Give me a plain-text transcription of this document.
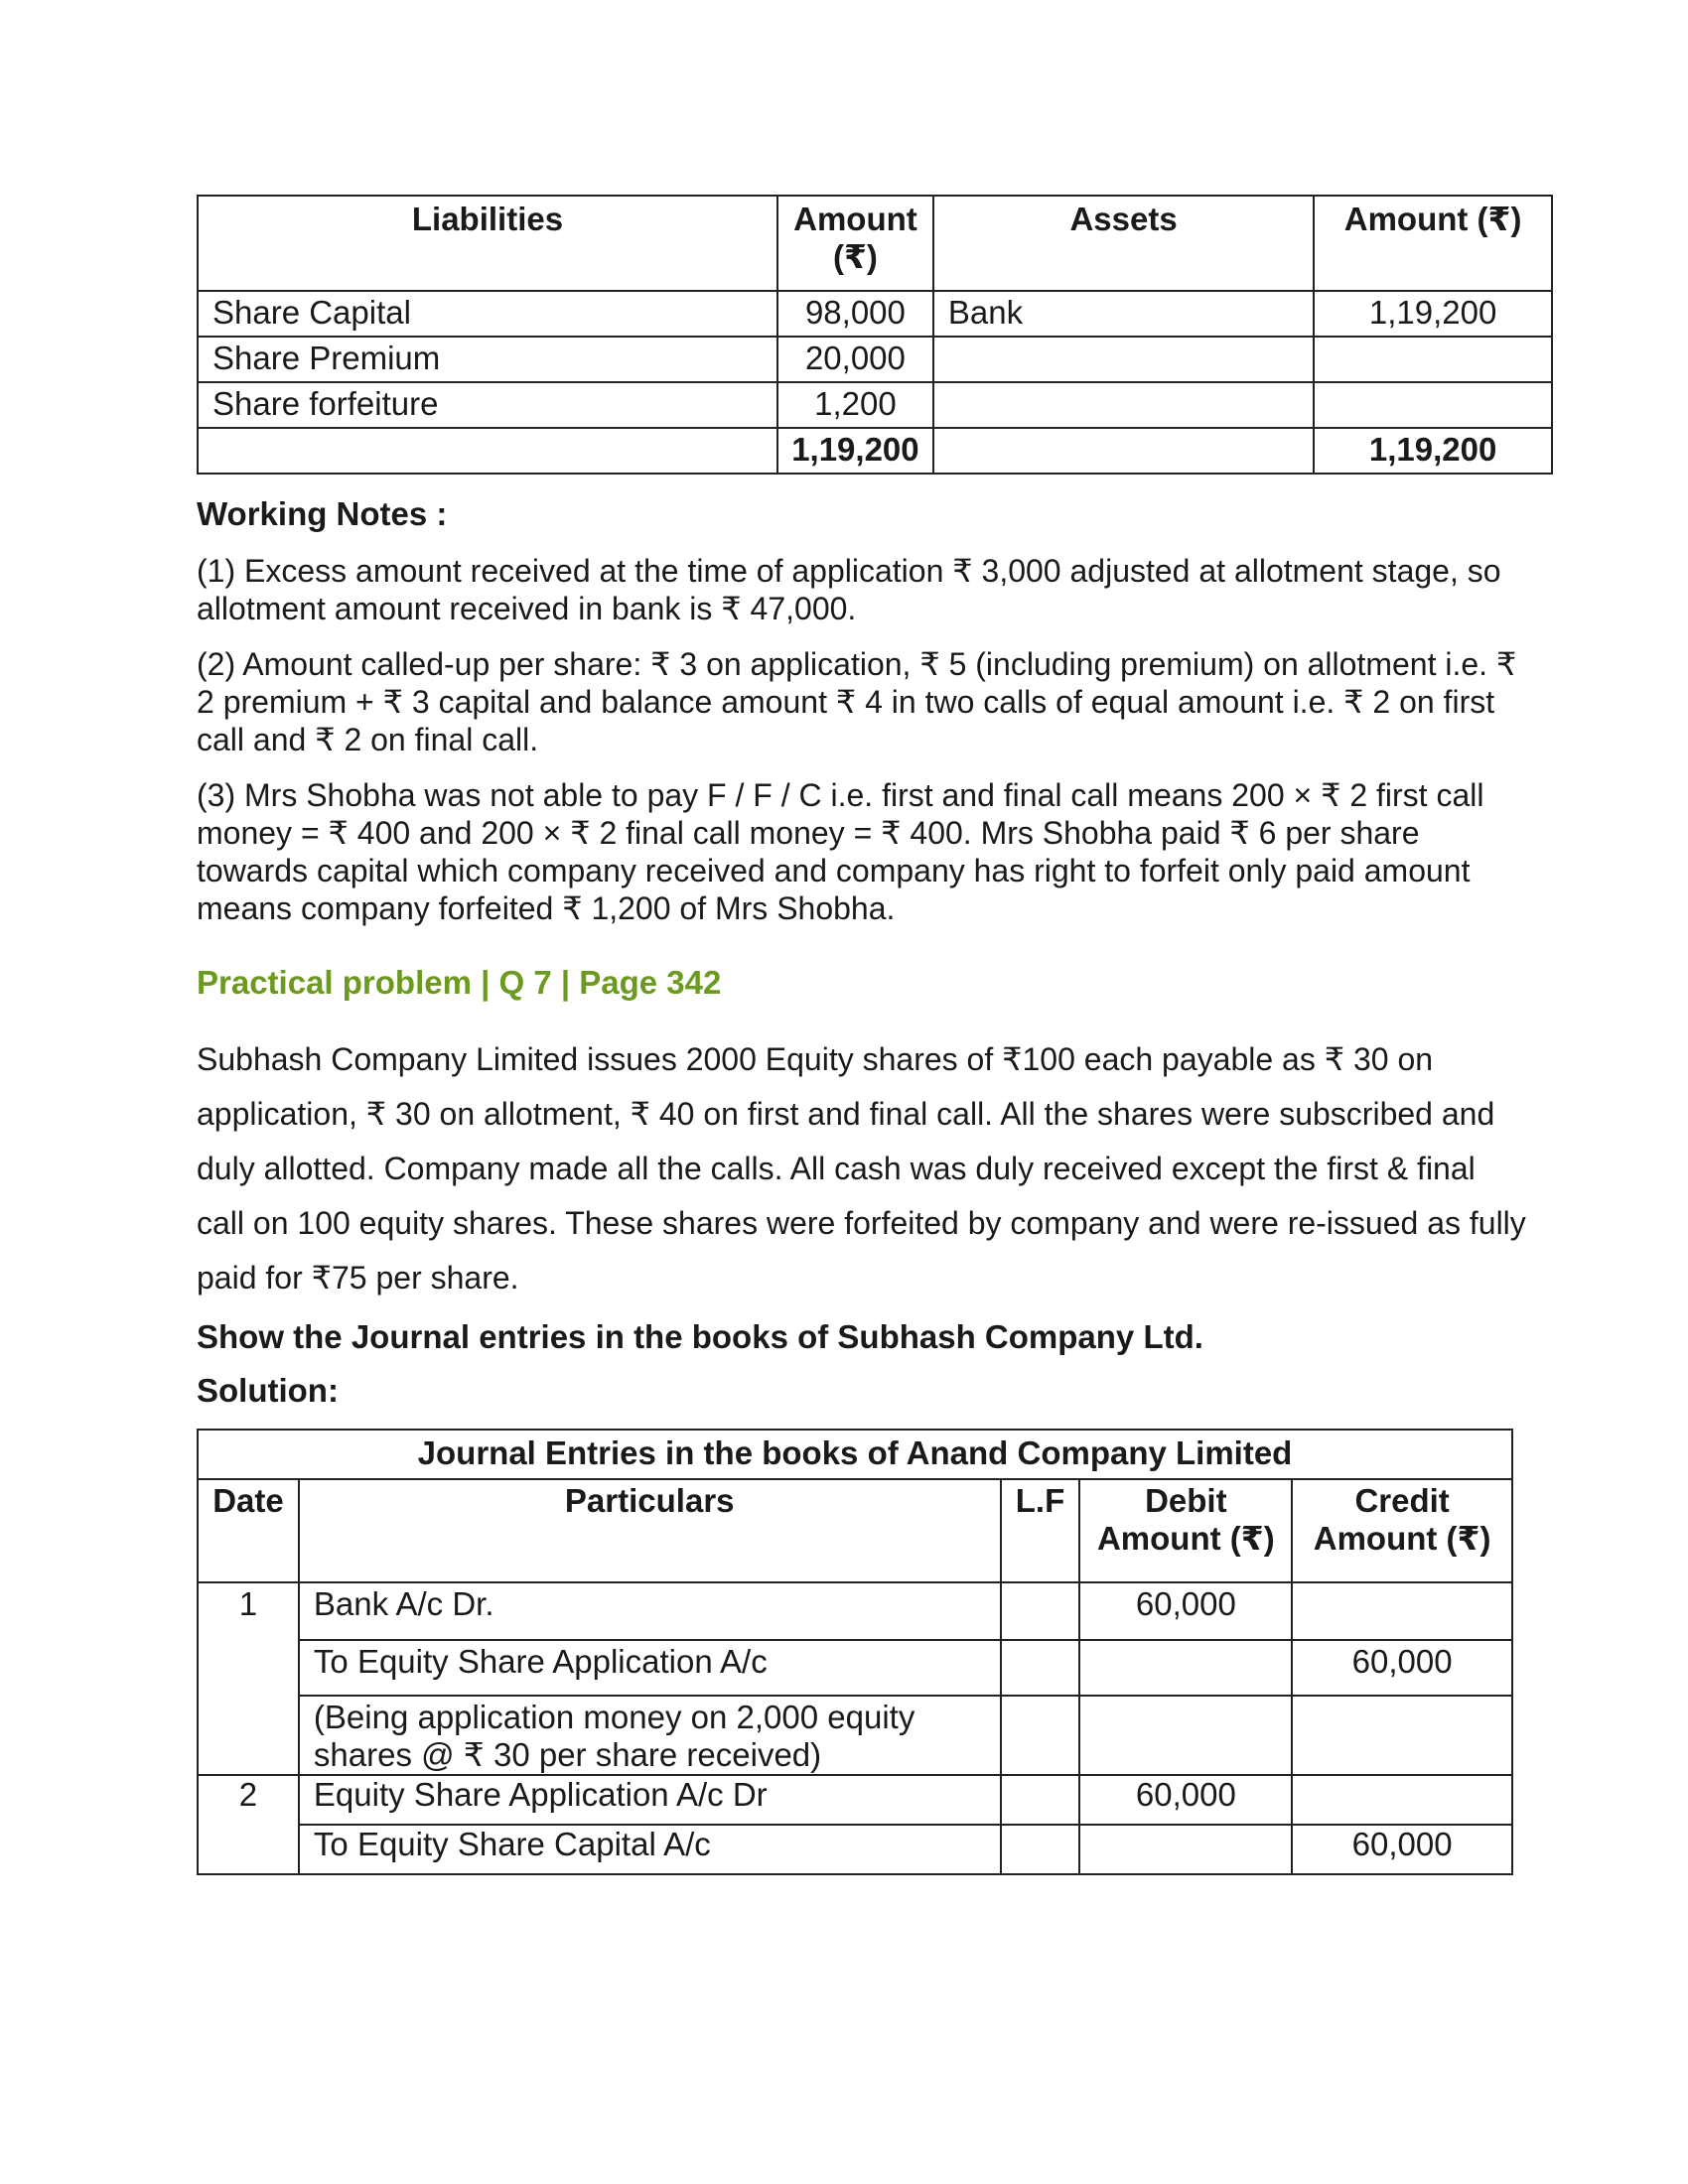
Liabilities	Amount (₹)	Assets	Amount (₹)
Share Capital	98,000	Bank	1,19,200
Share Premium	20,000		
Share forfeiture	1,200		
	1,19,200		1,19,200
Working Notes :
(1) Excess amount received at the time of application ₹ 3,000 adjusted at allotment stage, so allotment amount received in bank is ₹ 47,000.
(2) Amount called-up per share: ₹ 3 on application, ₹ 5 (including premium) on allotment i.e. ₹ 2 premium + ₹ 3 capital and balance amount ₹ 4 in two calls of equal amount i.e. ₹ 2 on first call and ₹ 2 on final call.
(3) Mrs Shobha was not able to pay F / F / C i.e. first and final call means 200 × ₹ 2 first call money = ₹ 400 and 200 × ₹ 2 final call money = ₹ 400. Mrs Shobha paid ₹ 6 per share towards capital which company received and company has right to forfeit only paid amount means company forfeited ₹ 1,200 of Mrs Shobha.
Practical problem | Q 7 | Page 342
Subhash Company Limited issues 2000 Equity shares of ₹100 each payable as ₹ 30 on application, ₹ 30 on allotment, ₹ 40 on first and final call. All the shares were subscribed and duly allotted. Company made all the calls. All cash was duly received except the first & final call on 100 equity shares. These shares were forfeited by company and were re-issued as fully paid for ₹75 per share.
Show the Journal entries in the books of Subhash Company Ltd.
Solution:
Journal Entries in the books of Anand Company Limited				
Date	Particulars	L.F	Debit Amount (₹)	Credit Amount (₹)
1	Bank A/c Dr.		60,000	
	To Equity Share Application A/c			60,000
	(Being application money on 2,000 equity shares @ ₹ 30 per share received)			
2	Equity Share Application A/c Dr		60,000	
	To Equity Share Capital A/c			60,000
